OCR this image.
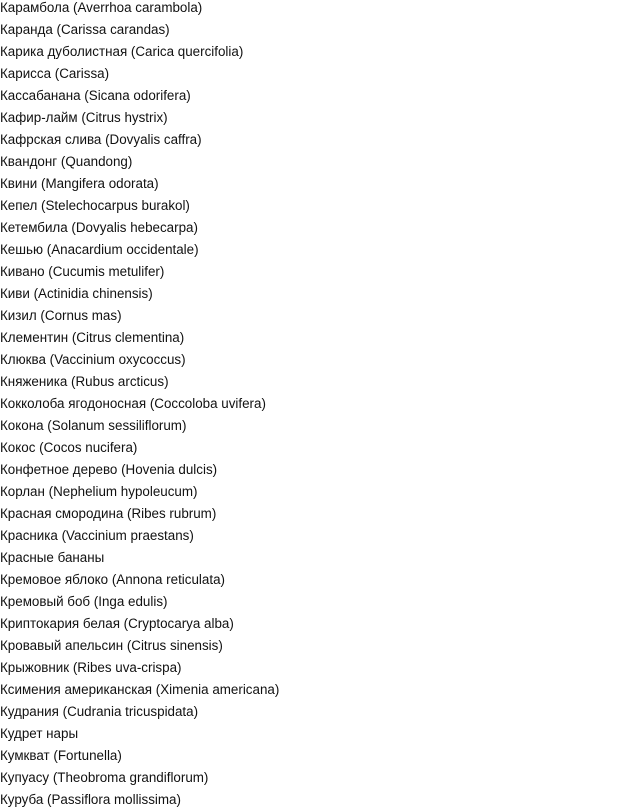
Карамбола (Averrhoa carambola)
Каранда (Carissa carandas)
Карика дуболистная (Carica quercifolia)
Карисса (Carissa)
Кассабанана (Sicana odorifera)
Кафир-лайм (Citrus hystrix)
Кафрская слива (Dovyalis caffra)
Квандонг (Quandong)
Квини (Mangifera odorata)
Кепел (Stelechocarpus burakol)
Кетембила (Dovyalis hebecarpa)
Кешью (Anacardium occidentale)
Кивано (Cucumis metulifer)
Киви (Actinidia chinensis)
Кизил (Cornus mas)
Клементин (Citrus clementina)
Клюква (Vaccinium oxycoccus)
Княженика (Rubus arcticus)
Кокколоба ягодоносная (Coccoloba uvifera)
Кокона (Solanum sessiliflorum)
Кокос (Cocos nucifera)
Конфетное дерево (Hovenia dulcis)
Корлан (Nephelium hypoleucum)
Красная смородина (Ribes rubrum)
Красника (Vaccinium praestans)
Красные бананы
Кремовое яблоко (Annona reticulata)
Кремовый боб (Inga edulis)
Криптокария белая (Cryptocarya alba)
Кровавый апельсин (Citrus sinensis)
Крыжовник (Ribes uva-crispa)
Ксимения американская (Ximenia americana)
Кудрания (Cudrania tricuspidata)
Кудрет нары
Кумкват (Fortunella)
Купуасу (Theobroma grandiflorum)
Куруба (Passiflora mollissima)
